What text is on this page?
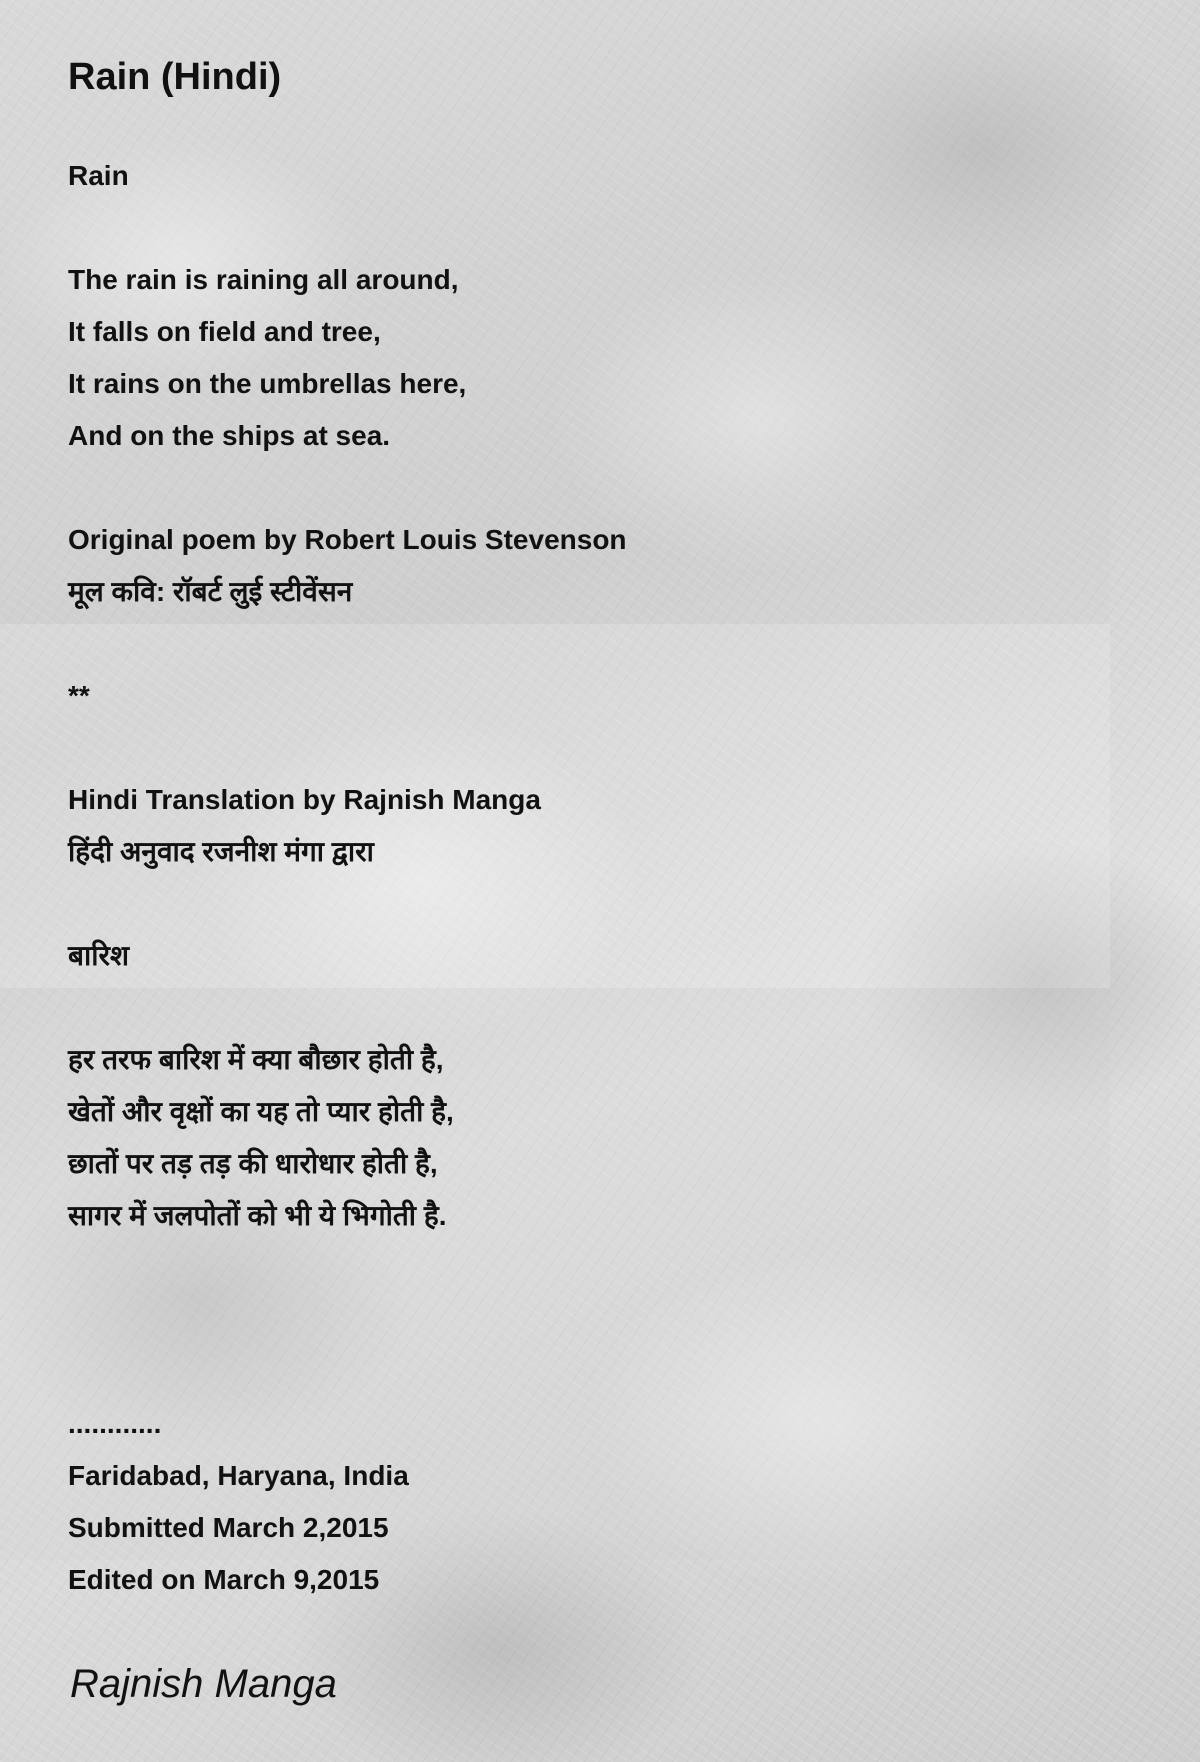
Rain (Hindi)
Rain
The rain is raining all around,
It falls on field and tree,
It rains on the umbrellas here,
And on the ships at sea.
Original poem by Robert Louis Stevenson
मूल कवि: रॉबर्ट लुई स्टीवेंसन
**
Hindi Translation by Rajnish Manga
हिंदी अनुवाद रजनीश मंगा द्वारा
बारिश
हर तरफ बारिश में क्या बौछार होती है,
खेतों और वृक्षों का यह तो प्यार होती है,
छातों पर तड़ तड़ की धारोधार होती है,
सागर में जलपोतों को भी ये भिगोती है.
............
Faridabad, Haryana, India
Submitted March 2,2015
Edited on March 9,2015

Rajnish Manga
